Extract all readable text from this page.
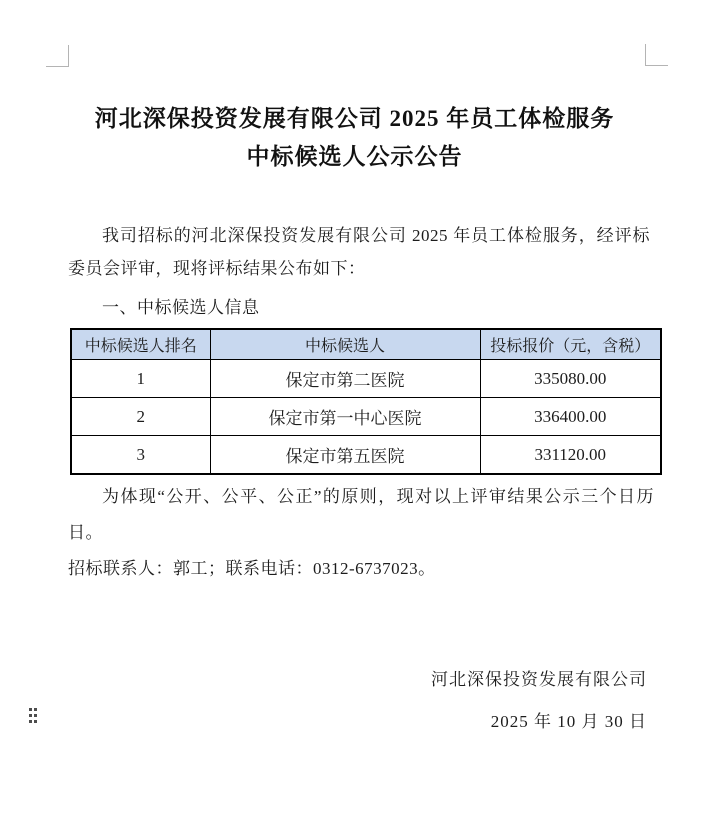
河北深保投资发展有限公司 2025 年员工体检服务
中标候选人公示公告
我司招标的河北深保投资发展有限公司 2025 年员工体检服务，经评标委员会评审，现将评标结果公布如下：
一、中标候选人信息
中标候选人排名	中标候选人	投标报价（元，含税）
1	保定市第二医院	335080.00
2	保定市第一中心医院	336400.00
3	保定市第五医院	331120.00
为体现“公开、公平、公正”的原则，现对以上评审结果公示三个日历日。
招标联系人：郭工；联系电话：0312-6737023。
河北深保投资发展有限公司
2025 年 10 月 30 日
